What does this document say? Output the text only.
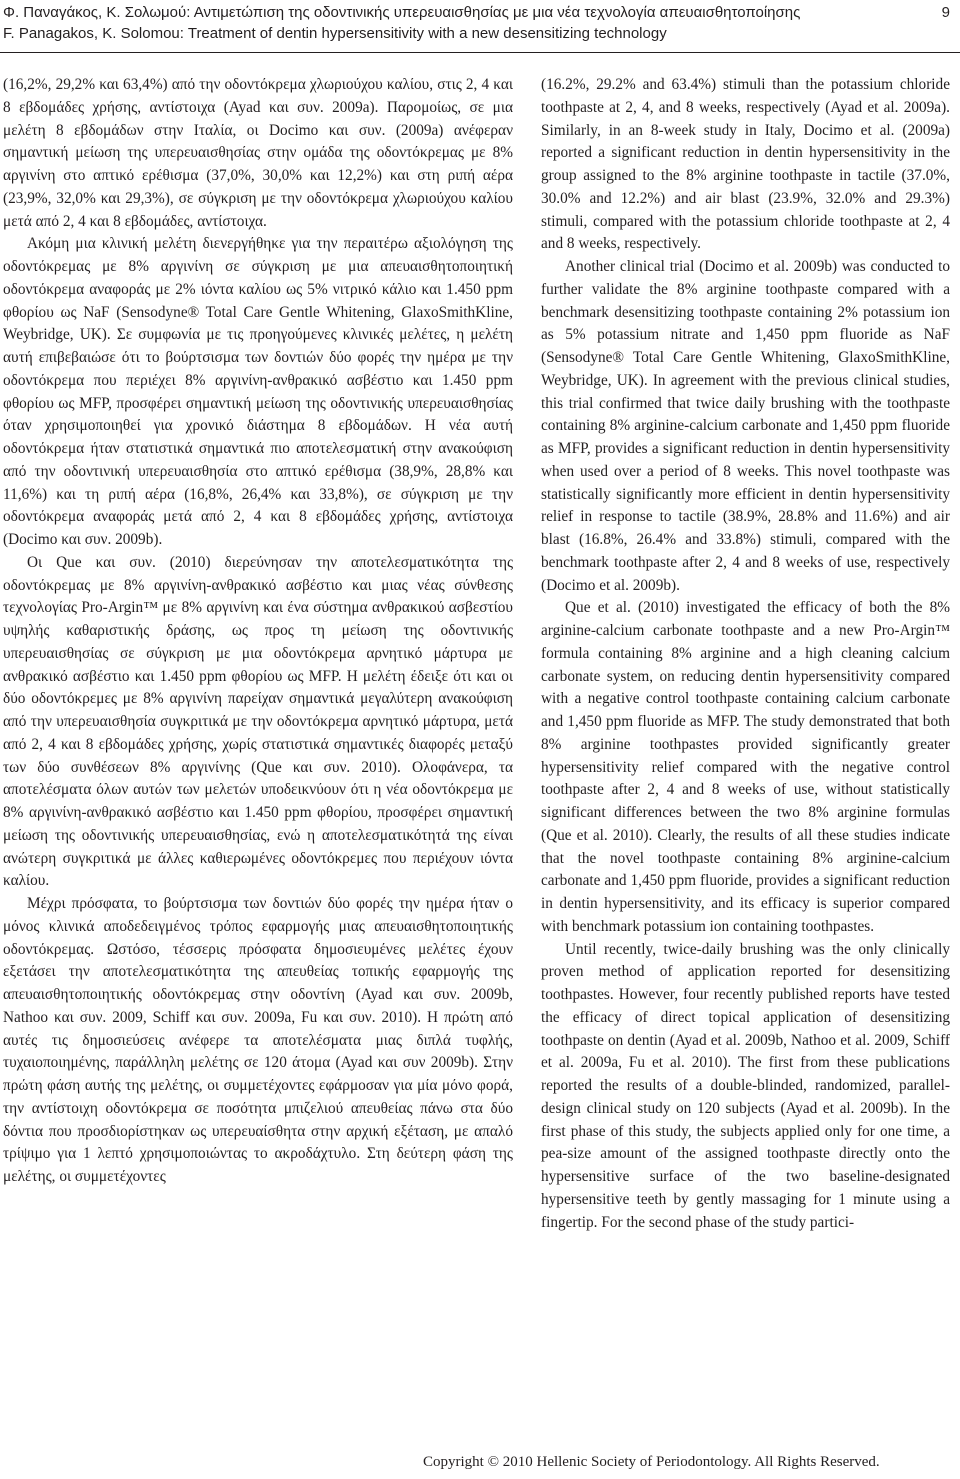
Φ. Παναγάκος, Κ. Σολωμού: Αντιμετώπιση της οδοντινικής υπερευαισθησίας με μια νέα τεχνολογία απευαισθητοποίησης
F. Panagakos, K. Solomou: Treatment of dentin hypersensitivity with a new desensitizing technology
9

(16,2%, 29,2% και 63,4%) από την οδοντόκρεμα χλωριούχου καλίου, στις 2, 4 και 8 εβδομάδες χρήσης, αντίστοιχα (Ayad και συν. 2009a). Παρομοίως, σε μια μελέτη 8 εβδομάδων στην Ιταλία, οι Docimo και συν. (2009a) ανέφεραν σημαντική μείωση της υπερευαισθησίας στην ομάδα της οδοντόκρεμας με 8% αργινίνη στο απτικό ερέθισμα (37,0%, 30,0% και 12,2%) και στη ριπή αέρα (23,9%, 32,0% και 29,3%), σε σύγκριση με την οδοντόκρεμα χλωριούχου καλίου μετά από 2, 4 και 8 εβδομάδες, αντίστοιχα.

Ακόμη μια κλινική μελέτη διενεργήθηκε για την περαιτέρω αξιολόγηση της οδοντόκρεμας με 8% αργινίνη σε σύγκριση με μια απευαισθητοποιητική οδοντόκρεμα αναφοράς με 2% ιόντα καλίου ως 5% νιτρικό κάλιο και 1.450 ppm φθορίου ως NaF (Sensodyne® Total Care Gentle Whitening, GlaxoSmithKline, Weybridge, UK). Σε συμφωνία με τις προηγούμενες κλινικές μελέτες, η μελέτη αυτή επιβεβαιώσε ότι το βούρτσισμα των δοντιών δύο φορές την ημέρα με την οδοντόκρεμα που περιέχει 8% αργινίνη-ανθρακικό ασβέστιο και 1.450 ppm φθορίου ως MFP, προσφέρει σημαντική μείωση της οδοντινικής υπερευαισθησίας όταν χρησιμοποιηθεί για χρονικό διάστημα 8 εβδομάδων. Η νέα αυτή οδοντόκρεμα ήταν στατιστικά σημαντικά πιο αποτελεσματική στην ανακούφιση από την οδοντινική υπερευαισθησία στο απτικό ερέθισμα (38,9%, 28,8% και 11,6%) και τη ριπή αέρα (16,8%, 26,4% και 33,8%), σε σύγκριση με την οδοντόκρεμα αναφοράς μετά από 2, 4 και 8 εβδομάδες χρήσης, αντίστοιχα (Docimo και συν. 2009b).

Οι Que και συν. (2010) διερεύνησαν την αποτελεσματικότητα της οδοντόκρεμας με 8% αργινίνη-ανθρακικό ασβέστιο και μιας νέας σύνθεσης τεχνολογίας Pro-Argin™ με 8% αργινίνη και ένα σύστημα ανθρακικού ασβεστίου υψηλής καθαριστικής δράσης, ως προς τη μείωση της οδοντινικής υπερευαισθησίας σε σύγκριση με μια οδοντόκρεμα αρνητικό μάρτυρα με ανθρακικό ασβέστιο και 1.450 ppm φθορίου ως MFP. Η μελέτη έδειξε ότι και οι δύο οδοντόκρεμες με 8% αργινίνη παρείχαν σημαντικά μεγαλύτερη ανακούφιση από την υπερευαισθησία συγκριτικά με την οδοντόκρεμα αρνητικό μάρτυρα, μετά από 2, 4 και 8 εβδομάδες χρήσης, χωρίς στατιστικά σημαντικές διαφορές μεταξύ των δύο συνθέσεων 8% αργινίνης (Que και συν. 2010). Ολοφάνερα, τα αποτελέσματα όλων αυτών των μελετών υποδεικνύουν ότι η νέα οδοντόκρεμα με 8% αργινίνη-ανθρακικό ασβέστιο και 1.450 ppm φθορίου, προσφέρει σημαντική μείωση της οδοντινικής υπερευαισθησίας, ενώ η αποτελεσματικότητά της είναι ανώτερη συγκριτικά με άλλες καθιερωμένες οδοντόκρεμες που περιέχουν ιόντα καλίου.

Μέχρι πρόσφατα, το βούρτσισμα των δοντιών δύο φορές την ημέρα ήταν ο μόνος κλινικά αποδεδειγμένος τρόπος εφαρμογής μιας απευαισθητοποιητικής οδοντόκρεμας. Ωστόσο, τέσσερις πρόσφατα δημοσιευμένες μελέτες έχουν εξετάσει την αποτελεσματικότητα της απευθείας τοπικής εφαρμογής της απευαισθητοποιητικής οδοντόκρεμας στην οδοντίνη (Ayad και συν. 2009b, Nathoo και συν. 2009, Schiff και συν. 2009a, Fu και συν. 2010). Η πρώτη από αυτές τις δημοσιεύσεις ανέφερε τα αποτελέσματα μιας διπλά τυφλής, τυχαιοποιημένης, παράλληλη μελέτης σε 120 άτομα (Ayad και συν 2009b). Στην πρώτη φάση αυτής της μελέτης, οι συμμετέχοντες εφάρμοσαν για μία μόνο φορά, την αντίστοιχη οδοντόκρεμα σε ποσότητα μπιζελιού απευθείας πάνω στα δύο δόντια που προσδιορίστηκαν ως υπερευαίσθητα στην αρχική εξέταση, με απαλό τρίψιμο για 1 λεπτό χρησιμοποιώντας το ακροδάχτυλο. Στη δεύτερη φάση της μελέτης, οι συμμετέχοντες

(16.2%, 29.2% and 63.4%) stimuli than the potassium chloride toothpaste at 2, 4, and 8 weeks, respectively (Ayad et al. 2009a). Similarly, in an 8-week study in Italy, Docimo et al. (2009a) reported a significant reduction in dentin hypersensitivity in the group assigned to the 8% arginine toothpaste in tactile (37.0%, 30.0% and 12.2%) and air blast (23.9%, 32.0% and 29.3%) stimuli, compared with the potassium chloride toothpaste at 2, 4 and 8 weeks, respectively.

Another clinical trial (Docimo et al. 2009b) was conducted to further validate the 8% arginine toothpaste compared with a benchmark desensitizing toothpaste containing 2% potassium ion as 5% potassium nitrate and 1,450 ppm fluoride as NaF (Sensodyne® Total Care Gentle Whitening, GlaxoSmithKline, Weybridge, UK). In agreement with the previous clinical studies, this trial confirmed that twice daily brushing with the toothpaste containing 8% arginine-calcium carbonate and 1,450 ppm fluoride as MFP, provides a significant reduction in dentin hypersensitivity when used over a period of 8 weeks. This novel toothpaste was statistically significantly more efficient in dentin hypersensitivity relief in response to tactile (38.9%, 28.8% and 11.6%) and air blast (16.8%, 26.4% and 33.8%) stimuli, compared with the benchmark toothpaste after 2, 4 and 8 weeks of use, respectively (Docimo et al. 2009b).

Que et al. (2010) investigated the efficacy of both the 8% arginine-calcium carbonate toothpaste and a new Pro-Argin™ formula containing 8% arginine and a high cleaning calcium carbonate system, on reducing dentin hypersensitivity compared with a negative control toothpaste containing calcium carbonate and 1,450 ppm fluoride as MFP. The study demonstrated that both 8% arginine toothpastes provided significantly greater hypersensitivity relief compared with the negative control toothpaste after 2, 4 and 8 weeks of use, without statistically significant differences between the two 8% arginine formulas (Que et al. 2010). Clearly, the results of all these studies indicate that the novel toothpaste containing 8% arginine-calcium carbonate and 1,450 ppm fluoride, provides a significant reduction in dentin hypersensitivity, and its efficacy is superior compared with benchmark potassium ion containing toothpastes.

Until recently, twice-daily brushing was the only clinically proven method of application reported for desensitizing toothpastes. However, four recently published reports have tested the efficacy of direct topical application of desensitizing toothpaste on dentin (Ayad et al. 2009b, Nathoo et al. 2009, Schiff et al. 2009a, Fu et al. 2010). The first from these publications reported the results of a double-blinded, randomized, parallel-design clinical study on 120 subjects (Ayad et al. 2009b). In the first phase of this study, the subjects applied only for one time, a pea-size amount of the assigned toothpaste directly onto the hypersensitive surface of the two baseline-designated hypersensitive teeth by gently massaging for 1 minute using a fingertip. For the second phase of the study partici-

Copyright © 2010 Hellenic Society of Periodontology. All Rights Reserved.
